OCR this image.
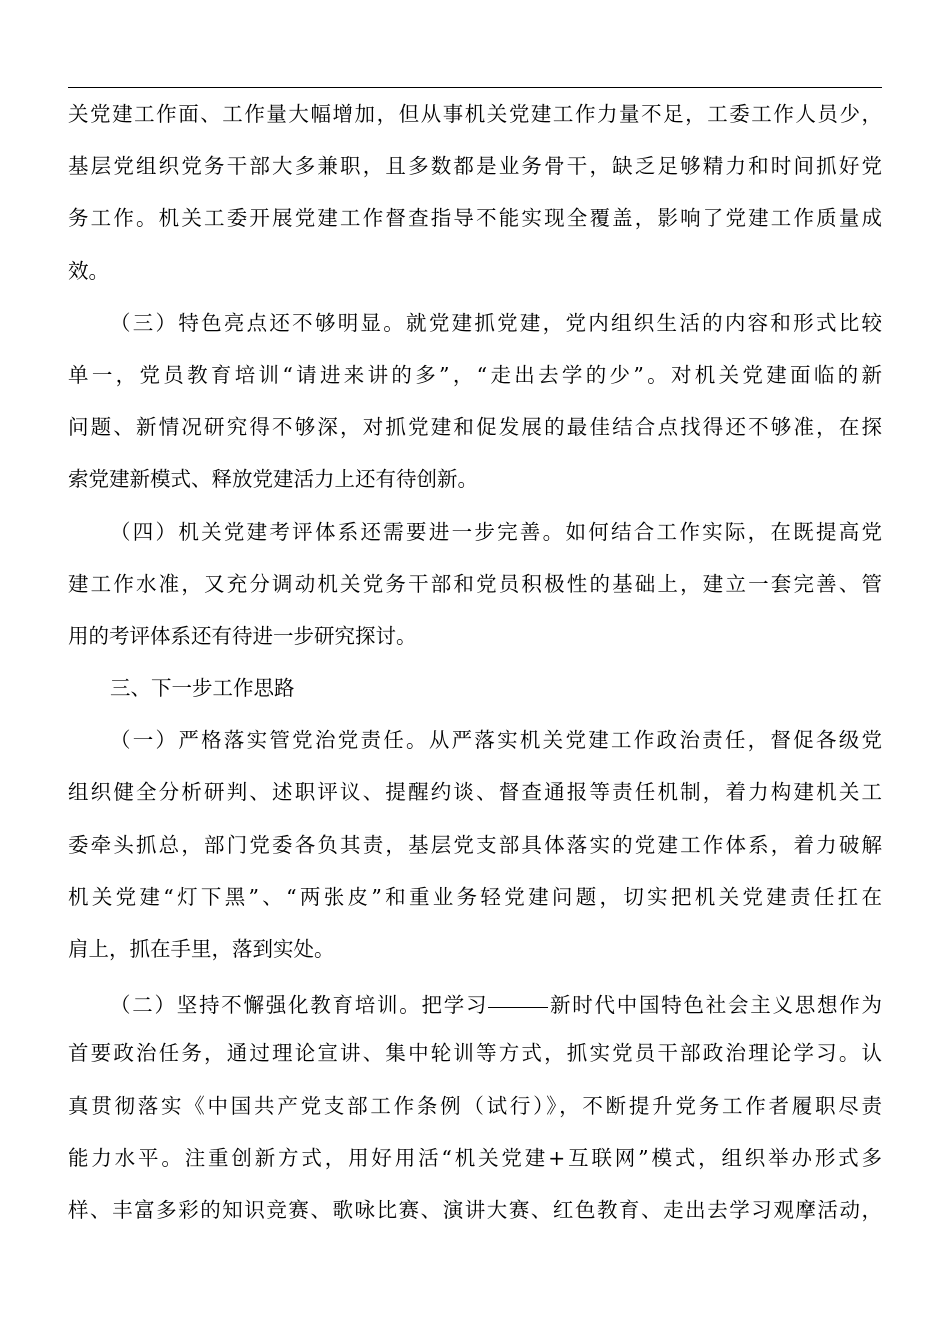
关党建工作面、工作量大幅增加，但从事机关党建工作力量不足，工委工作人员少，
基层党组织党务干部大多兼职，且多数都是业务骨干，缺乏足够精力和时间抓好党
务工作。机关工委开展党建工作督查指导不能实现全覆盖，影响了党建工作质量成
效。
（三）特色亮点还不够明显。就党建抓党建，党内组织生活的内容和形式比较
单一，党员教育培训“请进来讲的多”，“走出去学的少”。对机关党建面临的新
问题、新情况研究得不够深，对抓党建和促发展的最佳结合点找得还不够准，在探
索党建新模式、释放党建活力上还有待创新。
（四）机关党建考评体系还需要进一步完善。如何结合工作实际，在既提高党
建工作水准，又充分调动机关党务干部和党员积极性的基础上，建立一套完善、管
用的考评体系还有待进一步研究探讨。
三、下一步工作思路
（一）严格落实管党治党责任。从严落实机关党建工作政治责任，督促各级党
组织健全分析研判、述职评议、提醒约谈、督查通报等责任机制，着力构建机关工
委牵头抓总，部门党委各负其责，基层党支部具体落实的党建工作体系，着力破解
机关党建“灯下黑”、“两张皮”和重业务轻党建问题，切实把机关党建责任扛在
肩上，抓在手里，落到实处。
（二）坚持不懈强化教育培训。把学习	新时代中国特色社会主义思想作为
首要政治任务，通过理论宣讲、集中轮训等方式，抓实党员干部政治理论学习。认
真贯彻落实《中国共产党支部工作条例（试行）》，不断提升党务工作者履职尽责
能力水平。注重创新方式，用好用活“机关党建+互联网”模式，组织举办形式多
样、丰富多彩的知识竞赛、歌咏比赛、演讲大赛、红色教育、走出去学习观摩活动，
